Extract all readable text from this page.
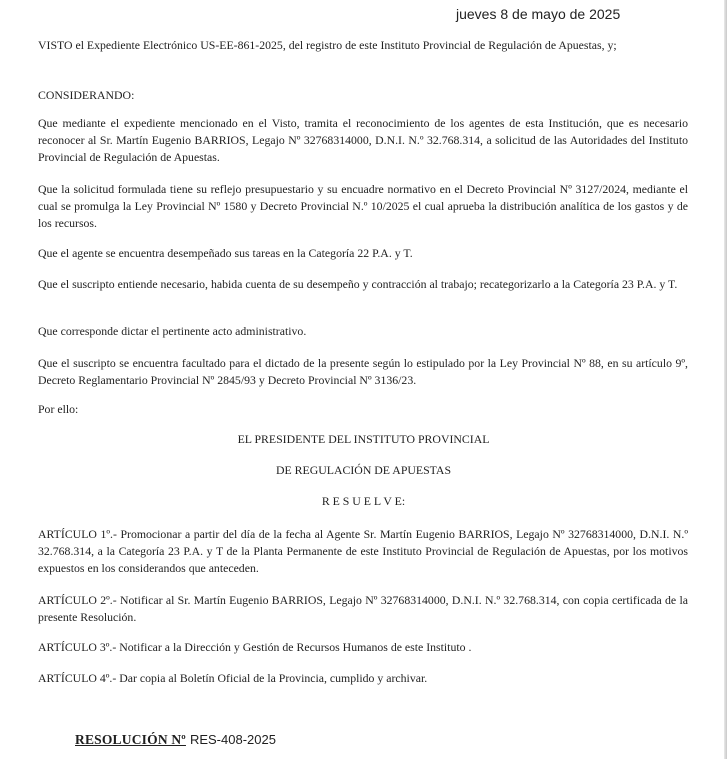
jueves 8 de mayo de 2025

VISTO el Expediente Electrónico US-EE-861-2025, del registro de este Instituto Provincial de Regulación de Apuestas, y;

CONSIDERANDO:

Que mediante el expediente mencionado en el Visto, tramita el reconocimiento de los agentes de esta Institución, que es necesario reconocer al Sr. Martín Eugenio BARRIOS, Legajo Nº 32768314000, D.N.I. N.º 32.768.314, a solicitud de las Autoridades del Instituto Provincial de Regulación de Apuestas.

Que la solicitud formulada tiene su reflejo presupuestario y su encuadre normativo en el Decreto Provincial Nº 3127/2024, mediante el cual se promulga la Ley Provincial Nº 1580 y Decreto Provincial N.º 10/2025 el cual aprueba la distribución analítica de los gastos y de los recursos.

Que el agente se encuentra desempeñado sus tareas en la Categoría 22 P.A. y T.

Que el suscripto entiende necesario, habida cuenta de su desempeño y contracción al trabajo; recategorizarlo a la Categoría 23 P.A. y T.

Que corresponde dictar el pertinente acto administrativo.

Que el suscripto se encuentra facultado para el dictado de la presente según lo estipulado por la Ley Provincial Nº 88, en su artículo 9º, Decreto Reglamentario Provincial Nº 2845/93 y Decreto Provincial Nº 3136/23.

Por ello:

EL PRESIDENTE DEL INSTITUTO PROVINCIAL

DE REGULACIÓN DE APUESTAS

R E S U E L V E:

ARTÍCULO 1º.- Promocionar a partir del día de la fecha al Agente Sr. Martín Eugenio BARRIOS, Legajo Nº 32768314000, D.N.I. N.º 32.768.314, a la Categoría 23 P.A. y T de la Planta Permanente de este Instituto Provincial de Regulación de Apuestas, por los motivos expuestos en los considerandos que anteceden.

ARTÍCULO 2º.- Notificar al Sr. Martín Eugenio BARRIOS, Legajo Nº 32768314000, D.N.I. N.º 32.768.314, con copia certificada de la presente Resolución.

ARTÍCULO 3º.- Notificar a la Dirección y Gestión de Recursos Humanos de este Instituto .

ARTÍCULO 4º.- Dar copia al Boletín Oficial de la Provincia, cumplido y archivar.

RESOLUCIÓN Nº RES-408-2025
